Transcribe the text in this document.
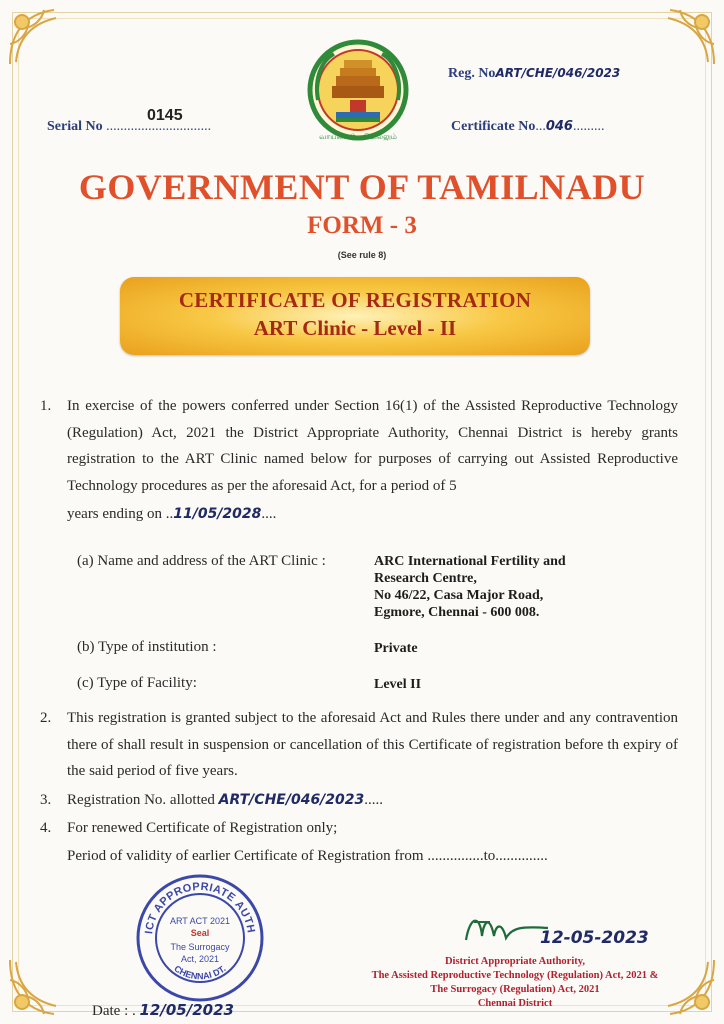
வாய்மையே வெல்லும்
0145
Serial No ..............................
Reg. NoART/CHE/046/2023
Certificate No...046.........
GOVERNMENT OF TAMILNADU
FORM - 3
(See rule 8)
CERTIFICATE OF REGISTRATION
ART Clinic - Level - II
1.	In exercise of the powers conferred under Section 16(1) of the Assisted Reproductive Technology (Regulation) Act, 2021 the District Appropriate Authority, Chennai District is hereby grants registration to the ART Clinic named below for purposes of carrying out Assisted Reproductive Technology procedures as per the aforesaid Act, for a period of 5
years ending on ..11/05/2028....
(a) Name and address of the ART Clinic :	ARC International Fertility and
Research Centre,
No 46/22, Casa Major Road,
Egmore, Chennai - 600 008.
(b) Type of institution :	Private
(c) Type of Facility:	Level II
2.	This registration is granted subject to the aforesaid Act and Rules there under and any contravention there of shall result in suspension or cancellation of this Certificate of registration before th expiry of the said period of five years.
3.	Registration No. allotted ART/CHE/046/2023.....
4.	For renewed Certificate of Registration only;
Period of validity of earlier Certificate of Registration from ...............to..............
ICT APPROPRIATE AUTH
CHENNAI DT.
ART ACT 2021
Seal
The Surrogacy
Act, 2021
Date : . 12/05/2023
12-05-2023
District Appropriate Authority,
The Assisted Reproductive Technology (Regulation) Act, 2021 &
The Surrogacy (Regulation) Act, 2021
Chennai District
